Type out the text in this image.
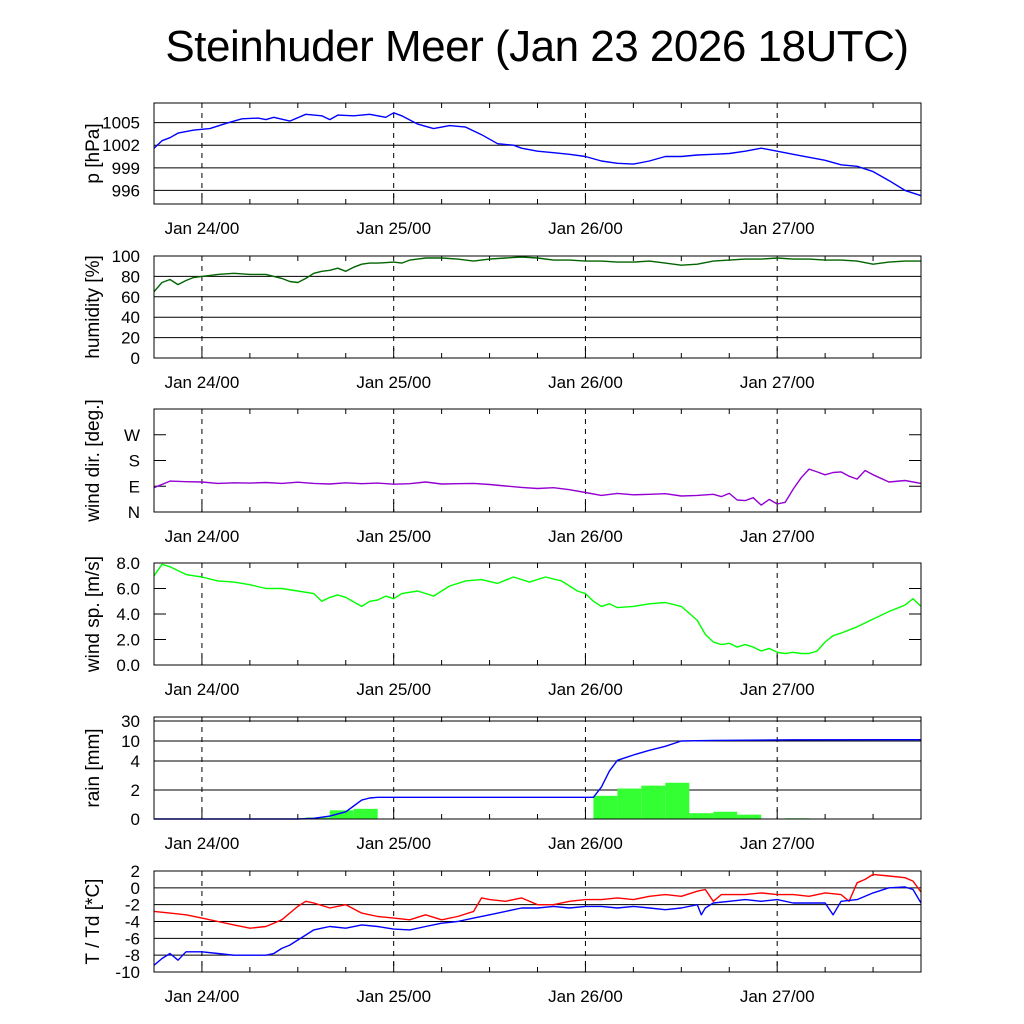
Steinhuder Meer (Jan 23 2026 18UTC)
1005
1002
999
996
Jan 24/00	Jan 25/00	Jan 26/00	Jan 27/00
p [hPa]
100
80
60
40
20
0
Jan 24/00	Jan 25/00	Jan 26/00	Jan 27/00
humidity [%]
W
S
E
N
Jan 24/00	Jan 25/00	Jan 26/00	Jan 27/00
wind dir. [deg.]
8.0
6.0
4.0
2.0
0.0
Jan 24/00	Jan 25/00	Jan 26/00	Jan 27/00
wind sp. [m/s]
30
10
4
2
0
Jan 24/00	Jan 25/00	Jan 26/00	Jan 27/00
rain [mm]
2
0
-2
-4
-6
-8
-10
Jan 24/00	Jan 25/00	Jan 26/00	Jan 27/00
T / Td [*C]
